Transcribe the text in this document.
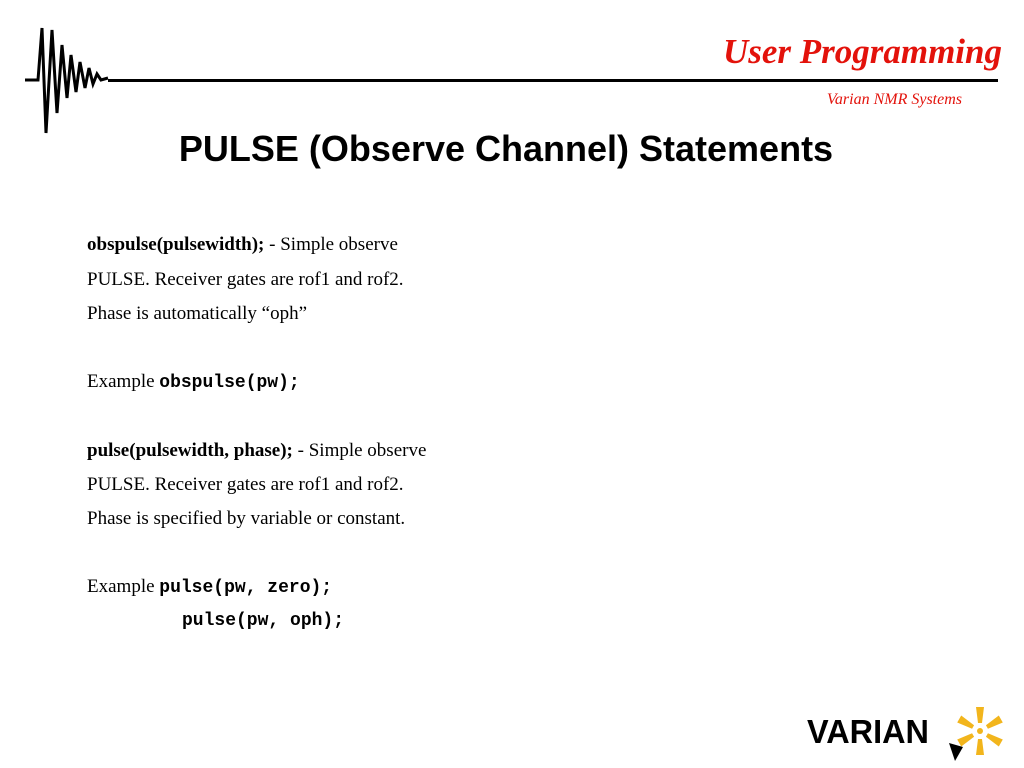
User Programming
Varian NMR Systems
PULSE (Observe Channel) Statements
obspulse(pulsewidth); - Simple observe
PULSE. Receiver gates are rof1 and rof2.
Phase is automatically “oph”
Example obspulse(pw);
pulse(pulsewidth, phase); - Simple observe
PULSE. Receiver gates are rof1 and rof2.
Phase is specified by variable or constant.
Example pulse(pw, zero);
pulse(pw, oph);
VARIAN
